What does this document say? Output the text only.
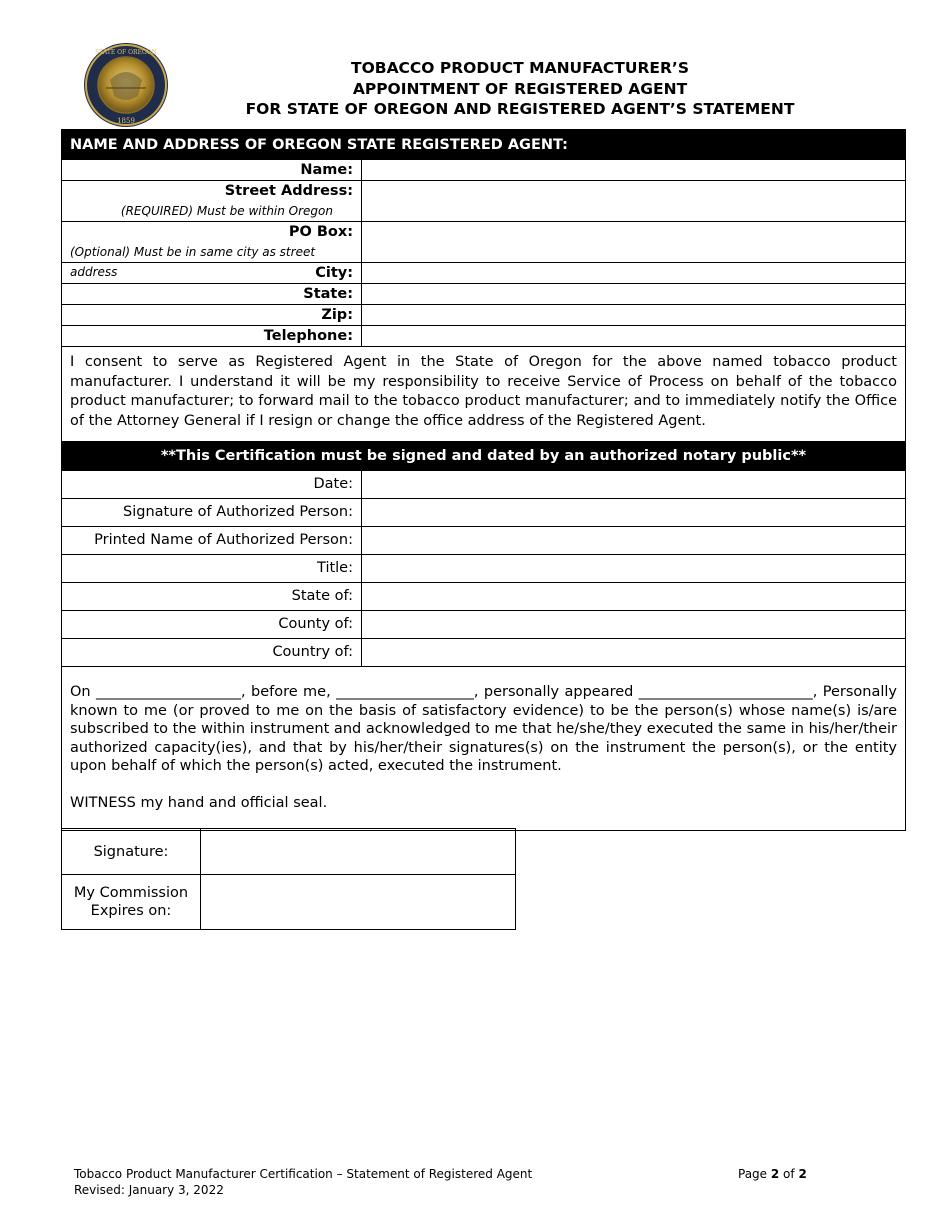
STATE OF OREGON
1859
TOBACCO PRODUCT MANUFACTURER’S
APPOINTMENT OF REGISTERED AGENT
FOR STATE OF OREGON AND REGISTERED AGENT’S STATEMENT
NAME AND ADDRESS OF OREGON STATE REGISTERED AGENT:
Name:
Street Address:
(REQUIRED) Must be within Oregon
PO Box:
(Optional) Must be in same city as street address	City:
State:
Zip:
Telephone:
I consent to serve as Registered Agent in the State of Oregon for the above named tobacco product manufacturer. I understand it will be my responsibility to receive Service of Process on behalf of the tobacco product manufacturer; to forward mail to the tobacco product manufacturer; and to immediately notify the Office of the Attorney General if I resign or change the office address of the Registered Agent.
**This Certification must be signed and dated by an authorized notary public**
Date:
Signature of Authorized Person:
Printed Name of Authorized Person:
Title:
State of:
County of:
Country of:
On ____________________, before me, ___________________, personally appeared ________________________, Personally known to me (or proved to me on the basis of satisfactory evidence) to be the person(s) whose name(s) is/are subscribed to the within instrument and acknowledged to me that he/she/they executed the same in his/her/their authorized capacity(ies), and that by his/her/their signatures(s) on the instrument the person(s), or the entity upon behalf of which the person(s) acted, executed the instrument.
WITNESS my hand and official seal.
Signature:	

My Commission
Expires on:	

Tobacco Product Manufacturer Certification – Statement of Registered Agent
Revised: January 3, 2022
Page 2 of 2
